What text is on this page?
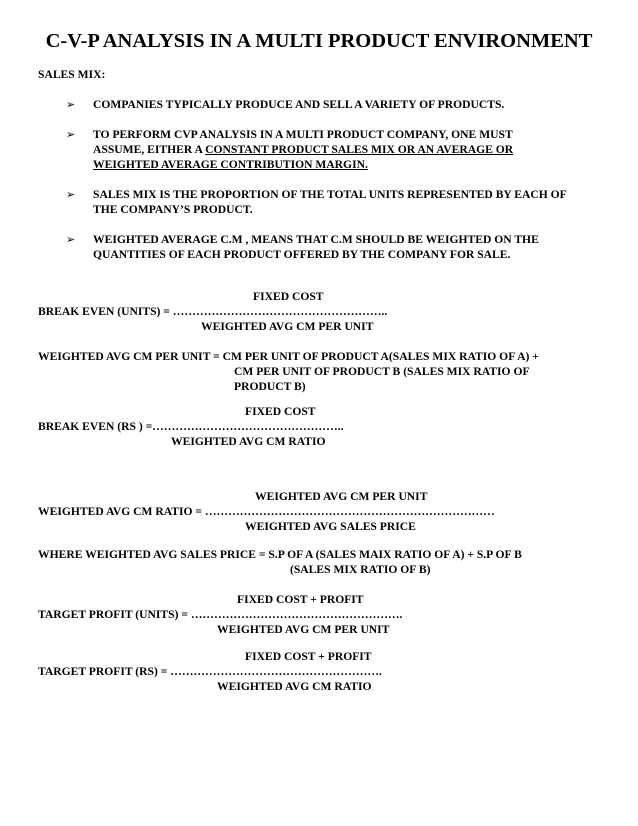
C-V-P ANALYSIS IN A MULTI PRODUCT ENVIRONMENT
SALES MIX:
➢ COMPANIES TYPICALLY PRODUCE AND SELL A VARIETY OF PRODUCTS.
➢ TO PERFORM CVP ANALYSIS IN A MULTI PRODUCT COMPANY, ONE MUST
ASSUME, EITHER A CONSTANT PRODUCT SALES MIX OR AN AVERAGE OR
WEIGHTED AVERAGE CONTRIBUTION MARGIN.
➢ SALES MIX IS THE PROPORTION OF THE TOTAL UNITS REPRESENTED BY EACH OF
THE COMPANY’S PRODUCT.
➢ WEIGHTED AVERAGE C.M , MEANS THAT C.M SHOULD BE WEIGHTED ON THE
QUANTITIES OF EACH PRODUCT OFFERED BY THE COMPANY FOR SALE.
FIXED COST
BREAK EVEN (UNITS) = ………………………………………………..
WEIGHTED AVG CM PER UNIT
WEIGHTED AVG CM PER UNIT = CM PER UNIT OF PRODUCT A(SALES MIX RATIO OF A) +
CM PER UNIT OF PRODUCT B (SALES MIX RATIO OF
PRODUCT B)
FIXED COST
BREAK EVEN (RS ) =…………………………………………..
WEIGHTED AVG CM RATIO
WEIGHTED AVG CM PER UNIT
WEIGHTED AVG CM RATIO = …………………………………………………………………
WEIGHTED AVG SALES PRICE
WHERE WEIGHTED AVG SALES PRICE = S.P OF A (SALES MAIX RATIO OF A) + S.P OF B
(SALES MIX RATIO OF B)
FIXED COST + PROFIT
TARGET PROFIT (UNITS) = ……………………………………………….
WEIGHTED AVG CM PER UNIT
FIXED COST + PROFIT
TARGET PROFIT (RS) = ……………………………………………….
WEIGHTED AVG CM RATIO
